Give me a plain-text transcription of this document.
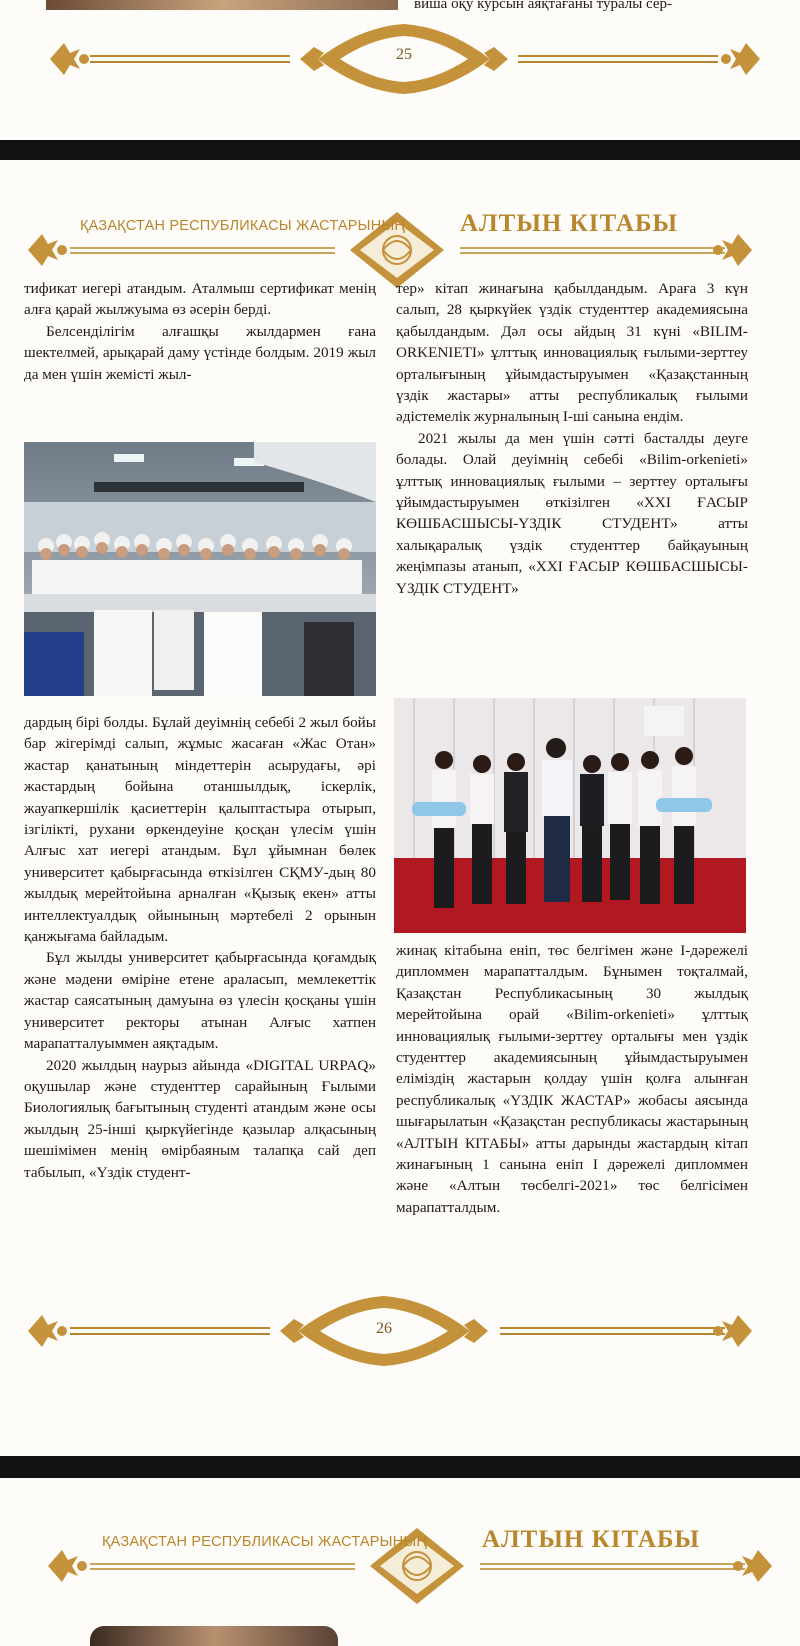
виша оқу курсын аяқтағаны туралы сер-
25
ҚАЗАҚСТАН РЕСПУБЛИКАСЫ ЖАСТАРЫНЫҢ АЛТЫН КІТАБЫ

тификат иегері атандым. Аталмыш сертификат менің алға қарай жылжуыма өз әсерін берді.

Белсенділігім алғашқы жылдармен ғана шектелмей, арықарай даму үстінде болдым. 2019 жыл да мен үшін жемісті жыл-

тер» кітап жинағына қабылдандым. Араға 3 күн салып, 28 қыркүйек үздік студенттер академиясына қабылдандым. Дәл осы айдың 31 күні «BILIM-ORKENIETI» ұлттық инновациялық ғылыми-зерттеу орталығының ұйымдастыруымен «Қазақстанның үздік жастары» атты республикалық ғылыми әдістемелік журналының І-ші санына ендім.

2021 жылы да мен үшін сәтті басталды деуге болады. Олай деуімнің себебі «Bilim-orkenieti» ұлттық инновациялық ғылыми – зерттеу орталығы ұйымдастыруымен өткізілген «ХХІ ҒАСЫР КӨШБАСШЫСЫ-ҮЗДІК СТУДЕНТ» атты халықаралық үздік студенттер байқауының жеңімпазы атанып, «ХХІ ҒАСЫР КӨШБАСШЫСЫ-ҮЗДІК СТУДЕНТ»

дардың бірі болды. Бұлай деуімнің себебі 2 жыл бойы бар жігерімді салып, жұмыс жасаған «Жас Отан» жастар қанатының міндеттерін асырудағы, әрі жастардың бойына отаншылдық, іскерлік, жауапкершілік қасиеттерін қалыптастыра отырып, ізгілікті, рухани өркендеуіне қосқан үлесім үшін Алғыс хат иегері атандым. Бұл ұйымнан бөлек университет қабырғасында өткізілген СҚМУ-дың 80 жылдық мерейтойына арналған «Қызық екен» атты интеллектуалдық ойынының мәртебелі 2 орынын қанжығама байладым.

Бұл жылды университет қабырғасында қоғамдық және мәдени өміріне етене араласып, мемлекеттік жастар саясатының дамуына өз үлесін қосқаны үшін университет ректоры атынан Алғыс хатпен марапатталуыммен аяқтадым.

2020 жылдың наурыз айында «DIGITAL URPAQ» оқушылар және студенттер сарайының Ғылыми Биологиялық бағытының студенті атандым және осы жылдың 25-інші қыркүйегінде қазылар алқасының шешімімен менің өмірбаяным талапқа сай деп табылып, «Үздік студент-

жинақ кітабына еніп, төс белгімен және І-дәрежелі дипломмен марапатталдым. Бұнымен тоқталмай, Қазақстан Республикасының 30 жылдық мерейтойына орай «Bilim-orkenieti» ұлттық инновациялық ғылыми-зерттеу орталығы мен үздік студенттер академиясының ұйымдастыруымен еліміздің жастарын қолдау үшін қолға алынған республикалық «ҮЗДІК ЖАСТАР» жобасы аясында шығарылатын «Қазақстан республикасы жастарының «АЛТЫН КІТАБЫ» атты дарынды жастардың кітап жинағының 1 санына еніп І дәрежелі дипломмен және «Алтын төсбелгі-2021» төс белгісімен марапатталдым.

26
ҚАЗАҚСТАН РЕСПУБЛИКАСЫ ЖАСТАРЫНЫҢ АЛТЫН КІТАБЫ
